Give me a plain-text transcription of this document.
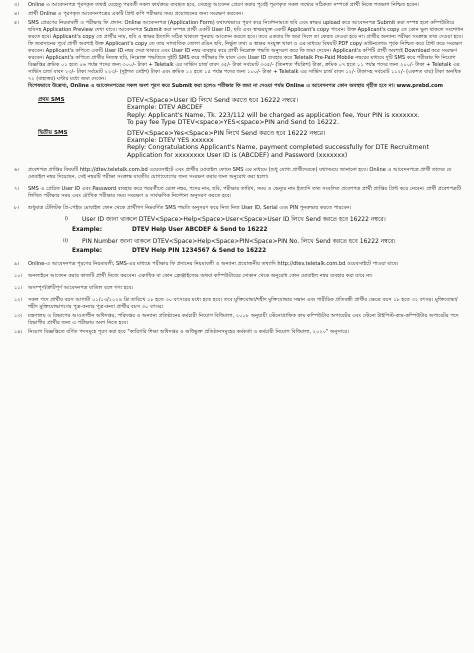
৩।	Online এ আবেদনপত্র পূরণকৃত তথ্যই যেহেতু পরবর্তী সকল কার্যক্রমে ব্যবহৃত হবে, সেহেতু আবেদন প্রেরণ করার পূর্বেই পূরণকৃত সকল তথ্যের সঠিকতা সম্পর্কে প্রার্থী নিজে শতভাগ নিশ্চিত হবেন।
৪।	প্রার্থী Online এ পূরণকৃত আবেদনপত্রের একটি প্রিন্ট কপি পরীক্ষার সময় প্রয়োজনের জন্য সংরক্ষণ করবেন।
৫।	SMS প্রেরণের নিয়মাবলী ও পরীক্ষার ফি প্রদান: Online আবেদনপত্র (Application Form) যথাযথভাবে পূরণ করে নির্দেশনামতে ছবি এবং স্বাক্ষর upload করে আবেদনপত্র Submit করা সম্পন্ন হলে কম্পিউটারে ছবিসহ Application Preview দেখা যাবে। আবেদনপত্র Submit করা সম্পন্ন প্রার্থী একটি User ID, ছবি এবং স্বাক্ষরযুক্ত একটি Applicant's copy পাবেন। উক্ত Applicant's copy তে কোন ভুল থাকলে সংশোধন করতে হবে। Applicant's copy তে প্রার্থীর নাম, ছবি ও স্বাক্ষর ইত্যাদি সঠিক থাকলে পুনরায় আবেদন করতে হবে। তবে একবার ফি জমা দিলে তা ফেরত দেওয়া হবে না। প্রার্থীর অন্যান্য পরীক্ষা সংক্রান্ত তথ্য দেওয়া হবে। ফি জমাদানের পূর্বে প্রার্থী অবশ্যই উক্ত Applicant's copy তে তার সাম্প্রতিক তোলা রঙিন ছবি, নির্ভুল তথ্য ও স্বাক্ষর সংযুক্ত থাকা ও এর মাধ্যমে বিষয়টি PDF copy ডাউনলোড পূর্বক নিশ্চিত করে প্রিন্ট করে সংরক্ষণ করবেন। Applicant's কপিতে একটি User ID নম্বর দেয়া থাকবে এবং User ID নম্বর ব্যবহার করে প্রার্থী নিম্নোক্ত পদ্ধতি অনুসরণ করে ফি জমা দেবেন। Applicant's কপিটি প্রার্থী অবশ্যই Download করে সংরক্ষণ করবেন। Applicant's কপিতে প্রার্থীর নিজস্ব ছবি, নিম্নোক্ত পদ্ধতিতে দুইটি SMS করে পরীক্ষার ফি বাবদ এবং User ID ব্যবহার করে Teletalk Pre-Paid Mobile নম্বরের মাধ্যমে দুটি SMS করে পরীক্ষার ফি নিয়োগ বিজ্ঞপ্তির ক্রমিক ০১ হতে ০৬ পর্যন্ত পদের জন্য ৩০০/- টাকা + Teletalk এর সার্ভিস চার্জ বাবদ ৩৫/- টাকা সর্বমোট ৩৩৫/- (তিনশত পঁয়ত্রিশ) টাকা, ক্রমিক ০৭ হতে ১১ পর্যন্ত পদের জন্য ২০০/- টাকা + Teletalk এর সার্ভিস চার্জ বাবদ ২৩/- টাকা সর্বমোট ২২৩/- (দুইশত তেইশ) টাকা এবং ক্রমিক ১২ হতে ১৫ পর্যন্ত পদের জন্য ১০০/- টাকা + Teletalk এর সার্ভিস চার্জ বাবদ ১২/- টাকাসহ সর্বমোট ১১২/- (একশত বার) টাকা অনধিক ৭২ (বাহাত্তর) ঘণ্টার মধ্যে জমা দেবেন।
বিশেষভাবে উল্লেখ্য, Online এ আবেদনপত্রের সকল অংশ পূরণ করে Submit করা হলেও পরীক্ষার ফি জমা না দেওয়া পর্যন্ত Online এ আবেদনপত্র কোন অবস্থায় গৃহীত হবে না। www.prebd.com
প্রথম SMS	DTEV<Space>User ID লিখে Send করতে হবে 16222 নম্বরে।
Example: DTEV ABCDEF
Reply: Applicant's Name, Tk. 223/112 will be charged as application fee, Your PIN is xxxxxxx.
To pay fee Type DTEV<space>YES<space>PIN and Send to 16222.
দ্বিতীয় SMS	DTEV<Space>Yes<Space>PIN লিখে Send করতে হবে 16222 নম্বরে।
Example: DTEV YES xxxxxx
Reply: Congratulations Applicant's Name, payment completed successfully for DTE Recruitment Application for xxxxxxxx User ID is (ABCDEF) and Password (xxxxxxx)
৬।	প্রবেশপত্র প্রাপ্তির বিষয়টি http://dtev.teletalk.com.bd ওয়েবসাইটে এবং প্রার্থীর মোবাইল ফোনে SMS এর মাধ্যমে (শুধু যোগ্য প্রার্থীদেরকে) যথাসময়ে জানানো হবে। Online এ আবেদনপত্রে প্রার্থী তাদের যে মোবাইল নম্বর দিয়েছেন, সেই নম্বরটি পরীক্ষা সংক্রান্ত যাবতীয় যোগাযোগের জন্য সংরক্ষণ করার জন্য অনুরোধ করা হলো।
৭।	SMS এ প্রেরিত User ID এবং Password ব্যবহার করে পরবর্তীতে রোল নম্বর, পদের নাম, ছবি, পরীক্ষার তারিখ, সময় ও ভেন্যুর নাম ইত্যাদি তথ্য সংবলিত প্রবেশপত্র প্রার্থী প্রাপ্তির প্রিন্ট করে নেবেন। প্রার্থী প্রবেশপত্রটি লিখিত পরীক্ষার সময় এবং মৌখিক পরীক্ষার সময় সংরক্ষণ ও সার্বক্ষণিক নির্দেশনা অনুসরণ করতে হবে।
৮।	শুধুমাত্র টেলিটক প্রি-পেইড মোবাইল ফোন থেকে প্রার্থীগণ নিম্নবর্ণিত SMS পদ্ধতি অনুসরণ করে নিজ নিজ User ID, Serial এবং PIN পুনরুদ্ধার করতে পারবেন।
i)	User ID জানা থাকলে DTEV<Space>Help<Space>User<Space>User ID লিখে Send করতে হবে 16222 নম্বরে।
Example:	DTEV Help User ABCDEF & Send to 16222
ii)	PIN Number জানা থাকলে DTEV<Space>Help<Space>PIN<Space>PIN No. লিখে Send করতে হবে 16222 নম্বরে।
Example:	DTEV Help PIN 1234567 & Send to 16222
৯।	Online-এ আবেদনপত্র পূরণের নিয়মাবলী, SMS-এর মাধ্যমে পরীক্ষার ফি প্রদানের নিয়মাবলী ও অন্যান্য প্রয়োজনীয় তথ্যাদি http://dtev.teletalk.com.bd ওয়েবসাইটে পাওয়া যাবে।
১০।	অনলাইনে আবেদন করার কাজটি প্রার্থী নিজে করবেন। একাধিক বা কোন ফ্রেঞ্জাইজের অথবা কম্পিউটারের দোকান থেকে অনুরোধ কোন মোবাইল নম্বর ব্যবহার করা যাবে না।
১১।	অসম্পূর্ণ/ত্রুটিপূর্ণ আবেদনপত্র বাতিল বলে গণ্য হবে।
১২।	সকল পদে প্রার্থীর বয়স আগামী ০১/০৩/২০২৪ খ্রি তারিখে ১৮ হতে ৩০ বৎসরের মধ্যে হতে হবে। তবে মুক্তিযোদ্ধা/শহীদ মুক্তিযোদ্ধার সন্তান এবং শারীরিক প্রতিবন্ধী প্রার্থীর ক্ষেত্রে বয়স ১৮ হতে ৩২ বৎসর। মুক্তিযোদ্ধা/শহীদ মুক্তিযোদ্ধাগণের পুত্র-কন্যার পুত্র-কন্যা প্রার্থীর বয়স ৩০ বৎসর।
১৩।	মন্ত্রণালয় ও বিভাগের আওতাধীন অধিদপ্তর, পরিদপ্তর ও অন্যান্য প্রতিষ্ঠানের কর্মচারী নিয়োগ বিধিমালা, ২০১৮ অনুযায়ী স্টেনোগ্রাফিক কাম কম্পিউটার অপারেটর এবং স্টেনো টাইপিস্ট-কাম-কম্পিউটার অপারেটর পদে বিভাগীয় প্রার্থীর জন্য এ পরীক্ষায় অংশ নিতে হবে।
১৪।	নিয়োগ বিজ্ঞপ্তিতে বর্ণিত পদসমূহে পূরণ করা হবে "কারিগরি শিক্ষা অধিদপ্তর ও অধিভুক্ত প্রতিষ্ঠানসমূহের কর্মকর্তা ও কর্মচারী নিয়োগ বিধিমালা, ২০২০" অনুসারে।
